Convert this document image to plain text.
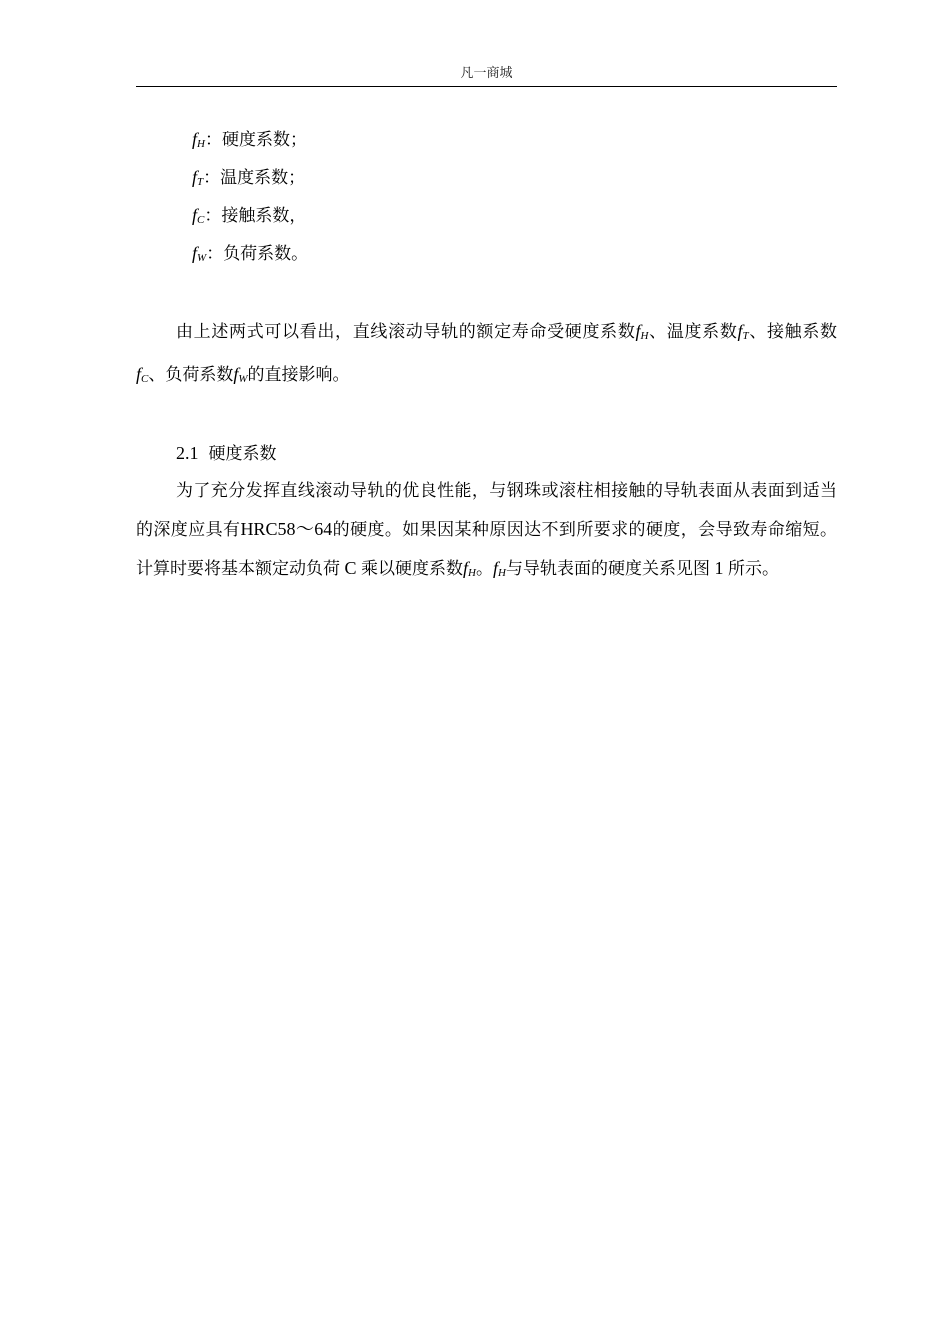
凡一商城
fH：硬度系数；
fT：温度系数；
fC：接触系数，
fW：负荷系数。

由上述两式可以看出，直线滚动导轨的额定寿命受硬度系数fH、温度系数fT、接触系数fC、负荷系数fW的直接影响。

2.1 硬度系数

为了充分发挥直线滚动导轨的优良性能，与钢珠或滚柱相接触的导轨表面从表面到适当的深度应具有HRC58～64的硬度。如果因某种原因达不到所要求的硬度，会导致寿命缩短。计算时要将基本额定动负荷 C 乘以硬度系数fH。fH与导轨表面的硬度关系见图 1 所示。
